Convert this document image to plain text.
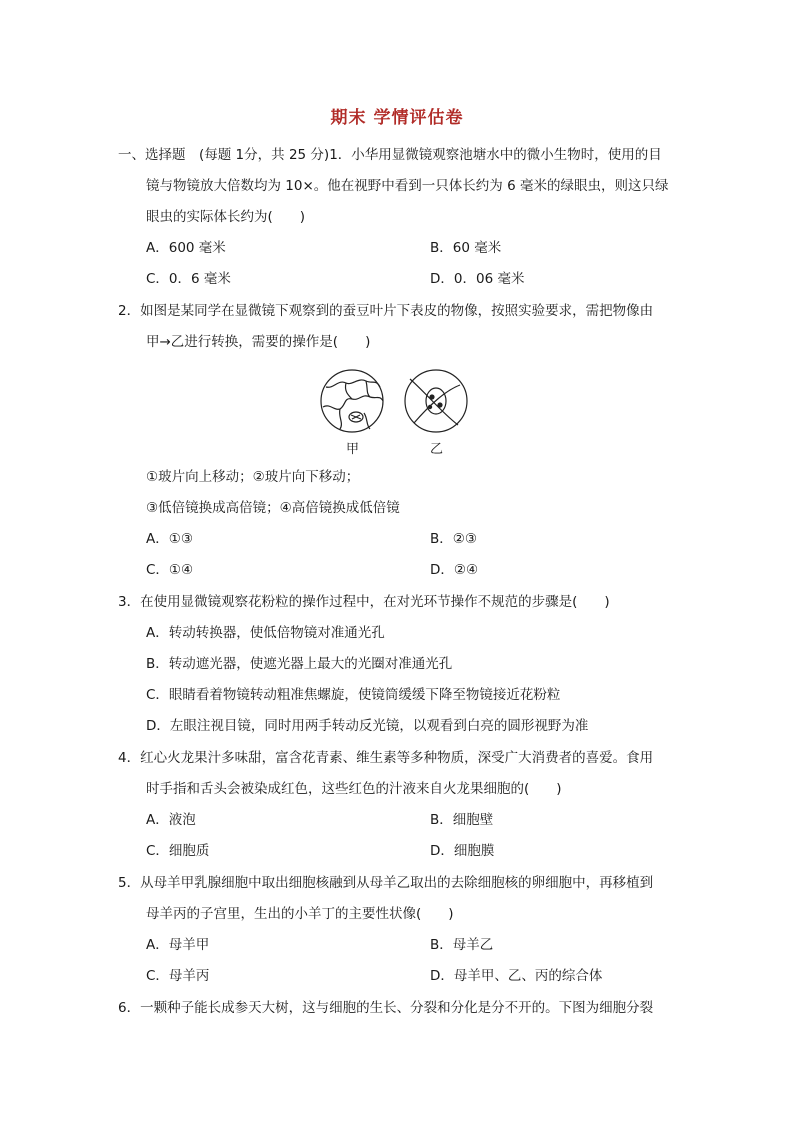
期末 学情评估卷
一、选择题　(每题 1分，共 25 分)1．小华用显微镜观察池塘水中的微小生物时，使用的目
镜与物镜放大倍数均为 10×。他在视野中看到一只体长约为 6 毫米的绿眼虫，则这只绿
眼虫的实际体长约为(　　)
A．600 毫米	B．60 毫米
C．0．6 毫米	D．0．06 毫米
2．如图是某同学在显微镜下观察到的蚕豆叶片下表皮的物像，按照实验要求，需把物像由
甲→乙进行转换，需要的操作是(　　)
甲	乙
①玻片向上移动；②玻片向下移动；
③低倍镜换成高倍镜；④高倍镜换成低倍镜
A．①③	B．②③
C．①④	D．②④
3．在使用显微镜观察花粉粒的操作过程中，在对光环节操作不规范的步骤是(　　)
A．转动转换器，使低倍物镜对准通光孔
B．转动遮光器，使遮光器上最大的光圈对准通光孔
C．眼睛看着物镜转动粗准焦螺旋，使镜筒缓缓下降至物镜接近花粉粒
D．左眼注视目镜，同时用两手转动反光镜，以观看到白亮的圆形视野为准
4．红心火龙果汁多味甜，富含花青素、维生素等多种物质，深受广大消费者的喜爱。食用
时手指和舌头会被染成红色，这些红色的汁液来自火龙果细胞的(　　)
A．液泡	B．细胞壁
C．细胞质	D．细胞膜
5．从母羊甲乳腺细胞中取出细胞核融到从母羊乙取出的去除细胞核的卵细胞中，再移植到
母羊丙的子宫里，生出的小羊丁的主要性状像(　　)
A．母羊甲	B．母羊乙
C．母羊丙	D．母羊甲、乙、丙的综合体
6．一颗种子能长成参天大树，这与细胞的生长、分裂和分化是分不开的。下图为细胞分裂
